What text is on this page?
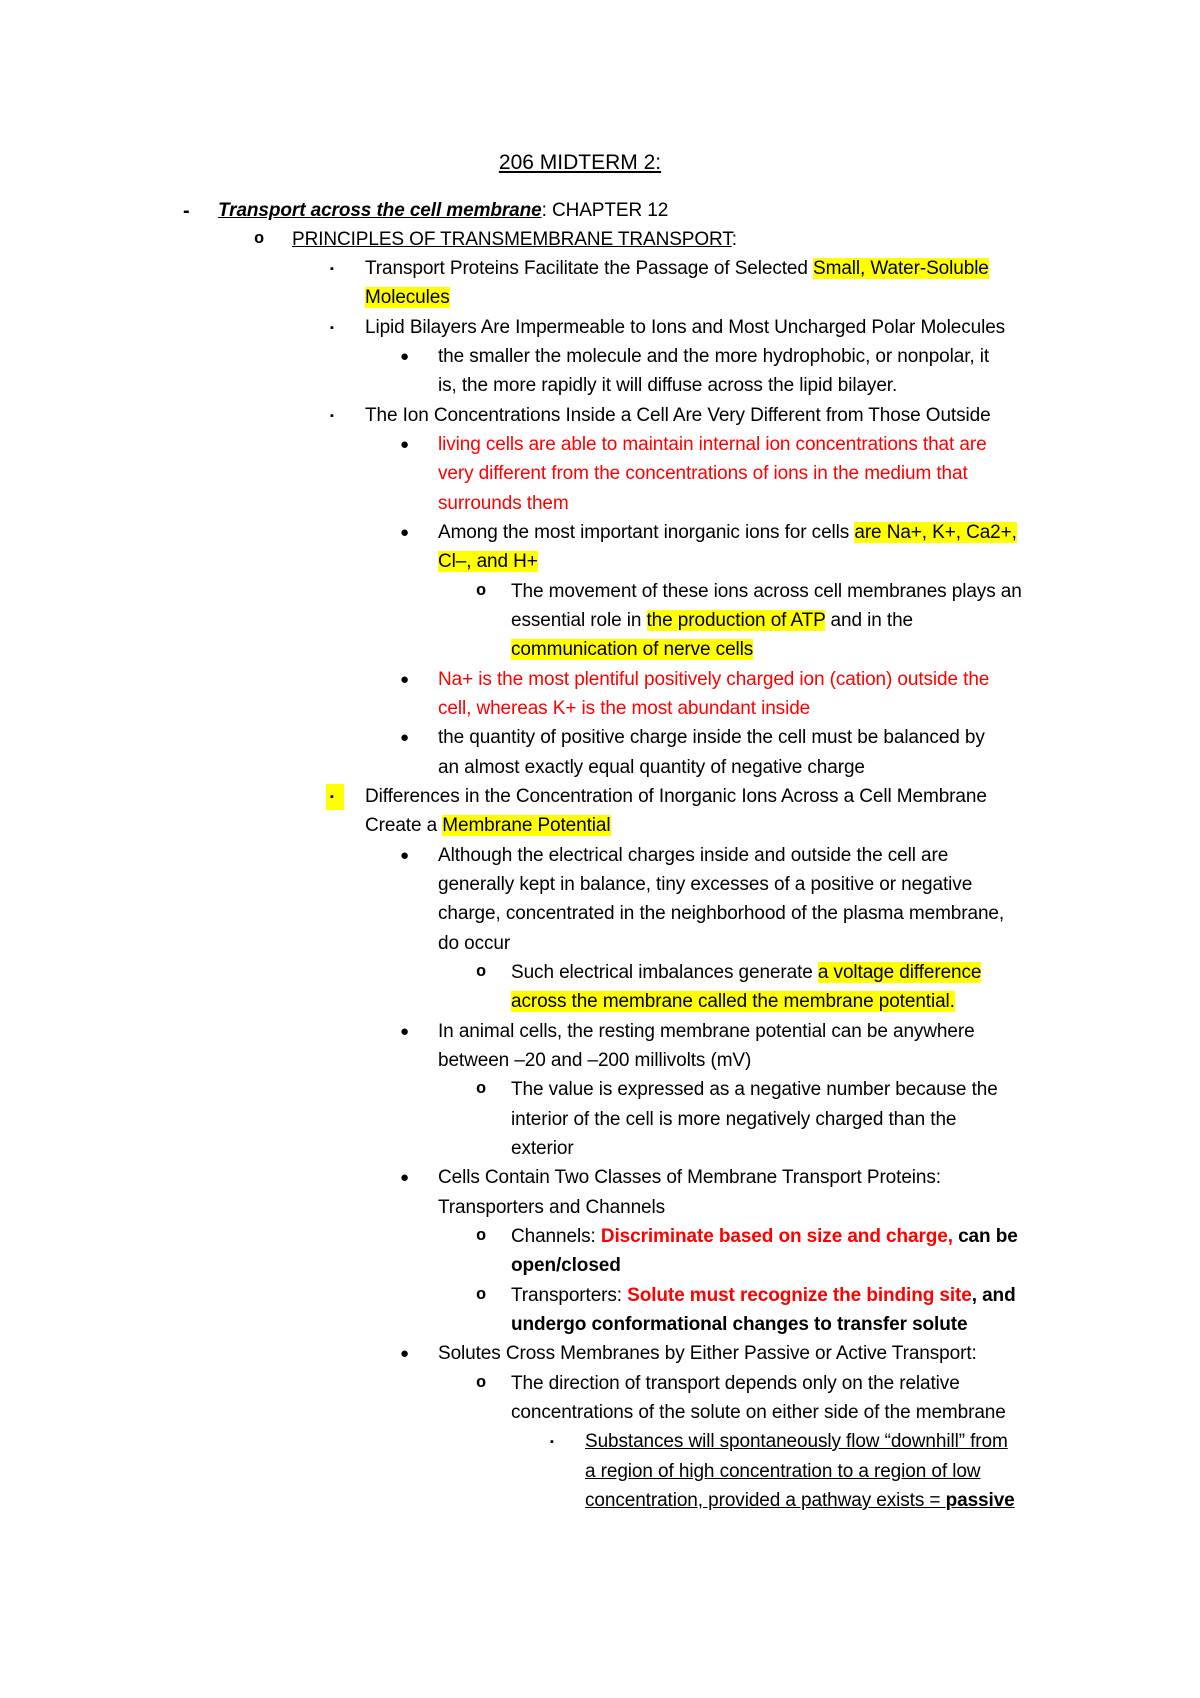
206 MIDTERM 2:
- Transport across the cell membrane: CHAPTER 12
o PRINCIPLES OF TRANSMEMBRANE TRANSPORT:
▪ Transport Proteins Facilitate the Passage of Selected Small, Water-Soluble
Molecules
▪ Lipid Bilayers Are Impermeable to Ions and Most Uncharged Polar Molecules
● the smaller the molecule and the more hydrophobic, or nonpolar, it
is, the more rapidly it will diffuse across the lipid bilayer.
▪ The Ion Concentrations Inside a Cell Are Very Different from Those Outside
● living cells are able to maintain internal ion concentrations that are
very different from the concentrations of ions in the medium that
surrounds them
● Among the most important inorganic ions for cells are Na+, K+, Ca2+,
Cl–, and H+
o The movement of these ions across cell membranes plays an
essential role in the production of ATP and in the
communication of nerve cells
● Na+ is the most plentiful positively charged ion (cation) outside the
cell, whereas K+ is the most abundant inside
● the quantity of positive charge inside the cell must be balanced by
an almost exactly equal quantity of negative charge
▪	Differences in the Concentration of Inorganic Ions Across a Cell Membrane
Create a Membrane Potential
● Although the electrical charges inside and outside the cell are
generally kept in balance, tiny excesses of a positive or negative
charge, concentrated in the neighborhood of the plasma membrane,
do occur
o Such electrical imbalances generate a voltage difference
across the membrane called the membrane potential.
● In animal cells, the resting membrane potential can be anywhere
between –20 and –200 millivolts (mV)
o The value is expressed as a negative number because the
interior of the cell is more negatively charged than the
exterior
● Cells Contain Two Classes of Membrane Transport Proteins:
Transporters and Channels
o Channels: Discriminate based on size and charge, can be
open/closed
o Transporters: Solute must recognize the binding site, and
undergo conformational changes to transfer solute
● Solutes Cross Membranes by Either Passive or Active Transport:
o The direction of transport depends only on the relative
concentrations of the solute on either side of the membrane
▪ Substances will spontaneously flow “downhill” from
a region of high concentration to a region of low
concentration, provided a pathway exists = passive
